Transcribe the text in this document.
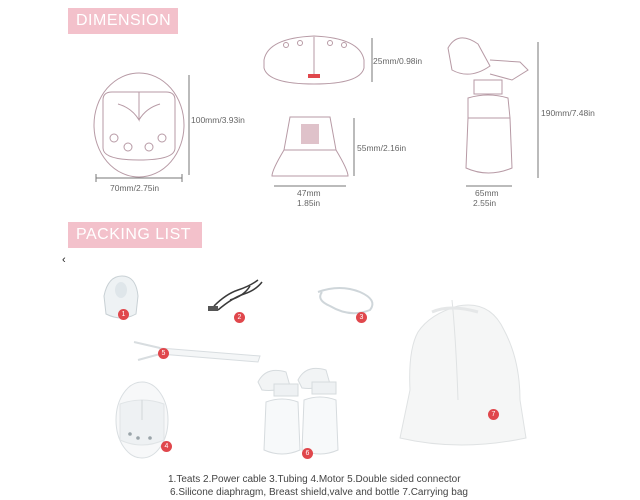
DIMENSION
PACKING LIST
‹
100mm/3.93in
70mm/2.75in
25mm/0.98in
55mm/2.16in
47mm
1.85in
190mm/7.48in
65mm
2.55in
1	2	3
4
5
6
7
1.Teats 2.Power cable 3.Tubing 4.Motor 5.Double sided connector
6.Silicone diaphragm, Breast shield,valve and bottle 7.Carrying bag
